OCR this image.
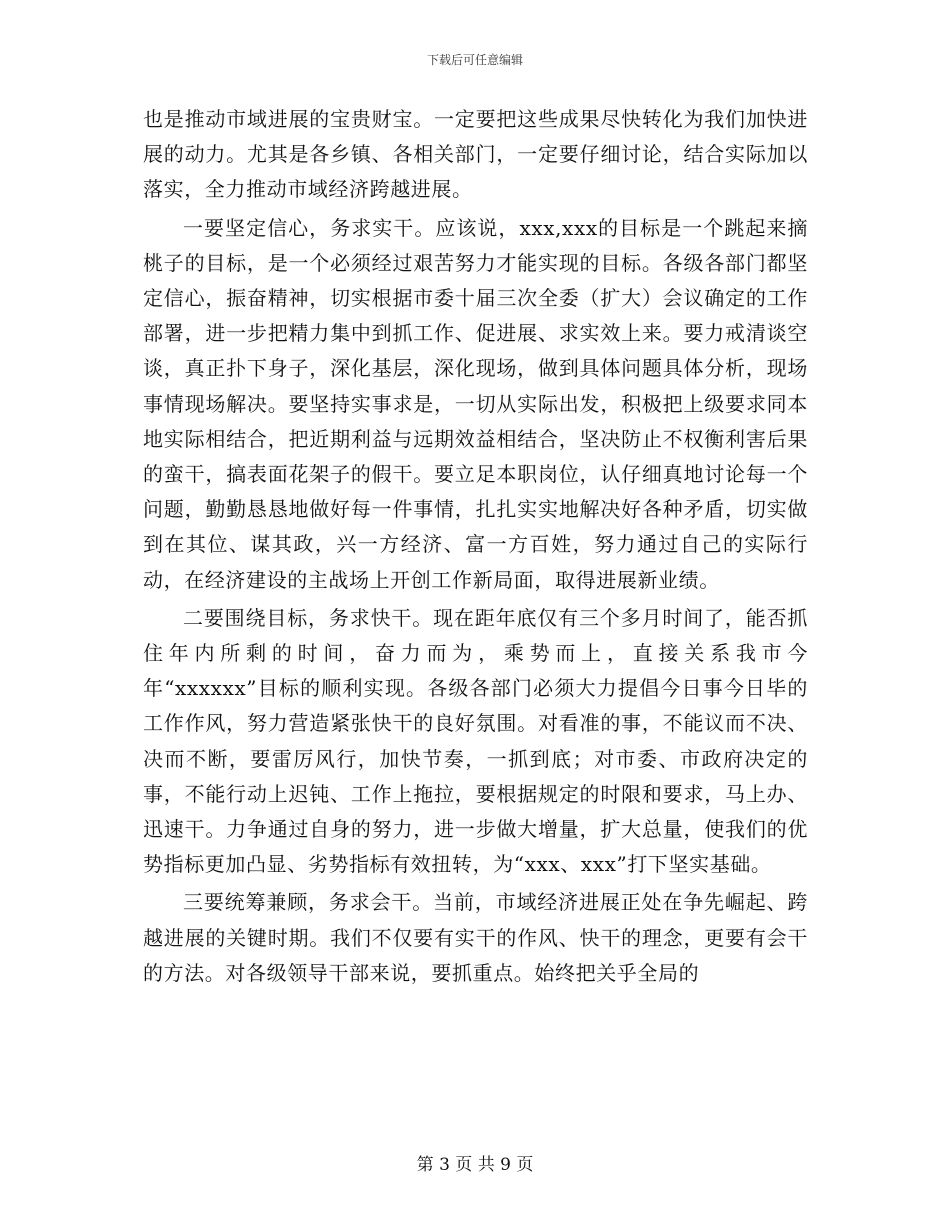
下载后可任意编辑

也是推动市域进展的宝贵财宝。一定要把这些成果尽快转化为我们加快进展的动力。尤其是各乡镇、各相关部门，一定要仔细讨论，结合实际加以落实，全力推动市域经济跨越进展。

一要坚定信心，务求实干。应该说，xxx,xxx的目标是一个跳起来摘桃子的目标，是一个必须经过艰苦努力才能实现的目标。各级各部门都坚定信心，振奋精神，切实根据市委十届三次全委（扩大）会议确定的工作部署，进一步把精力集中到抓工作、促进展、求实效上来。要力戒清谈空谈，真正扑下身子，深化基层，深化现场，做到具体问题具体分析，现场事情现场解决。要坚持实事求是，一切从实际出发，积极把上级要求同本地实际相结合，把近期利益与远期效益相结合，坚决防止不权衡利害后果的蛮干，搞表面花架子的假干。要立足本职岗位，认仔细真地讨论每一个问题，勤勤恳恳地做好每一件事情，扎扎实实地解决好各种矛盾，切实做到在其位、谋其政，兴一方经济、富一方百姓，努力通过自己的实际行动，在经济建设的主战场上开创工作新局面，取得进展新业绩。

二要围绕目标，务求快干。现在距年底仅有三个多月时间了，能否抓住年内所剩的时间，奋力而为，乘势而上，直接关系我市今年“xxxxxx”目标的顺利实现。各级各部门必须大力提倡今日事今日毕的工作作风，努力营造紧张快干的良好氛围。对看准的事，不能议而不决、决而不断，要雷厉风行，加快节奏，一抓到底；对市委、市政府决定的事，不能行动上迟钝、工作上拖拉，要根据规定的时限和要求，马上办、迅速干。力争通过自身的努力，进一步做大增量，扩大总量，使我们的优势指标更加凸显、劣势指标有效扭转，为“xxx、xxx”打下坚实基础。

三要统筹兼顾，务求会干。当前，市域经济进展正处在争先崛起、跨越进展的关键时期。我们不仅要有实干的作风、快干的理念，更要有会干的方法。对各级领导干部来说，要抓重点。始终把关乎全局的

第 3 页 共 9 页
